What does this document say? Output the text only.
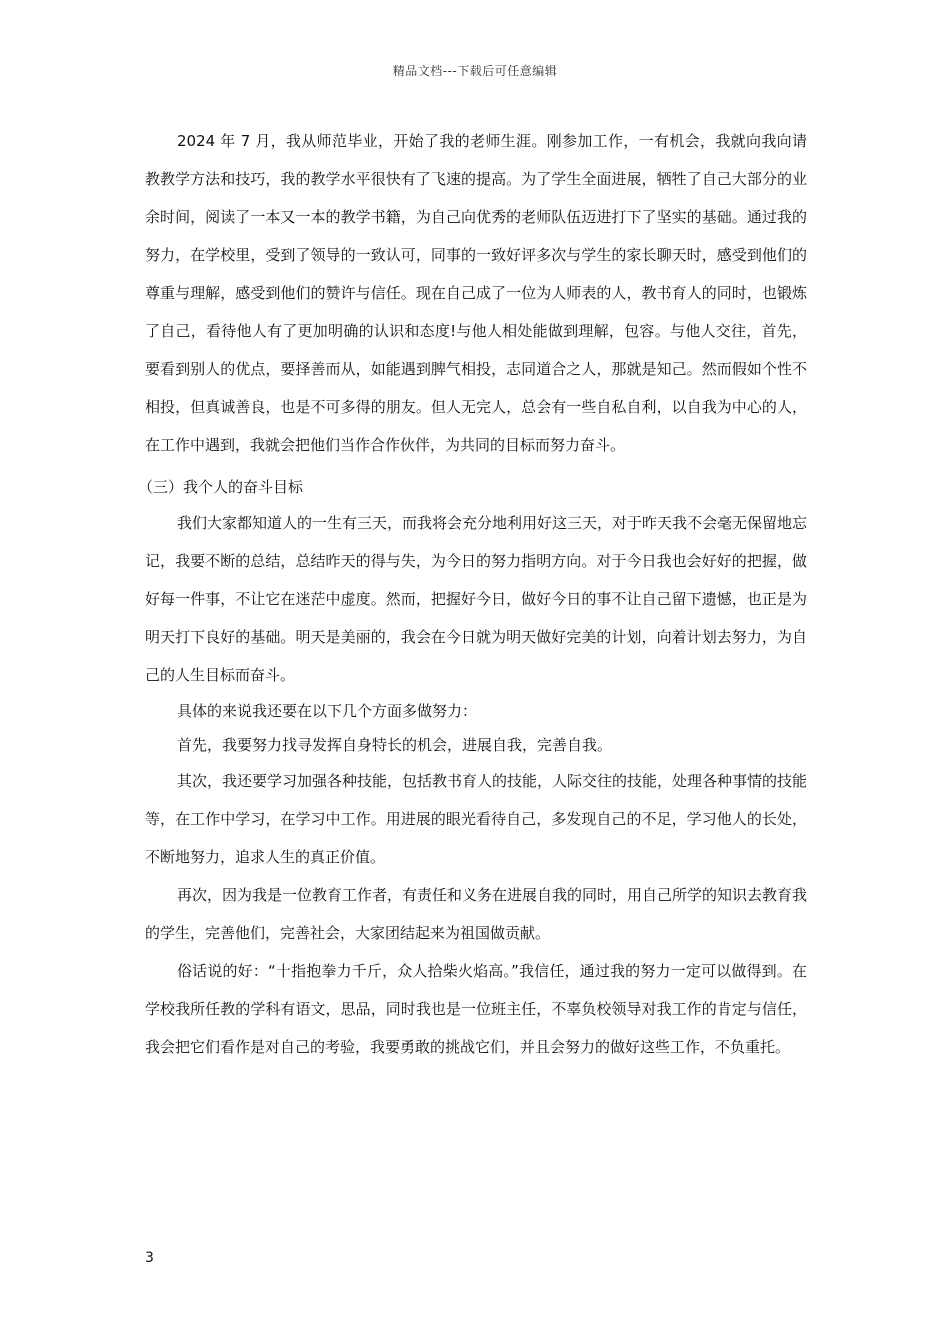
精品文档---下载后可任意编辑

2024 年 7 月，我从师范毕业，开始了我的老师生涯。刚参加工作，一有机会，我就向我向请教教学方法和技巧，我的教学水平很快有了飞速的提高。为了学生全面进展，牺牲了自己大部分的业余时间，阅读了一本又一本的教学书籍，为自己向优秀的老师队伍迈进打下了坚实的基础。通过我的努力，在学校里，受到了领导的一致认可，同事的一致好评多次与学生的家长聊天时，感受到他们的尊重与理解，感受到他们的赞许与信任。现在自己成了一位为人师表的人，教书育人的同时，也锻炼了自己，看待他人有了更加明确的认识和态度!与他人相处能做到理解，包容。与他人交往，首先，要看到别人的优点，要择善而从，如能遇到脾气相投，志同道合之人，那就是知己。然而假如个性不相投，但真诚善良，也是不可多得的朋友。但人无完人，总会有一些自私自利，以自我为中心的人，在工作中遇到，我就会把他们当作合作伙伴，为共同的目标而努力奋斗。

（三）我个人的奋斗目标

我们大家都知道人的一生有三天，而我将会充分地利用好这三天，对于昨天我不会毫无保留地忘记，我要不断的总结，总结昨天的得与失，为今日的努力指明方向。对于今日我也会好好的把握，做好每一件事，不让它在迷茫中虚度。然而，把握好今日，做好今日的事不让自己留下遗憾，也正是为明天打下良好的基础。明天是美丽的，我会在今日就为明天做好完美的计划，向着计划去努力，为自己的人生目标而奋斗。

具体的来说我还要在以下几个方面多做努力：

首先，我要努力找寻发挥自身特长的机会，进展自我，完善自我。

其次，我还要学习加强各种技能，包括教书育人的技能，人际交往的技能，处理各种事情的技能等，在工作中学习，在学习中工作。用进展的眼光看待自己，多发现自己的不足，学习他人的长处，不断地努力，追求人生的真正价值。

再次，因为我是一位教育工作者，有责任和义务在进展自我的同时，用自己所学的知识去教育我的学生，完善他们，完善社会，大家团结起来为祖国做贡献。

俗话说的好：“十指抱拳力千斤，众人拾柴火焰高。”我信任，通过我的努力一定可以做得到。在学校我所任教的学科有语文，思品，同时我也是一位班主任，不辜负校领导对我工作的肯定与信任，我会把它们看作是对自己的考验，我要勇敢的挑战它们，并且会努力的做好这些工作，不负重托。

3
